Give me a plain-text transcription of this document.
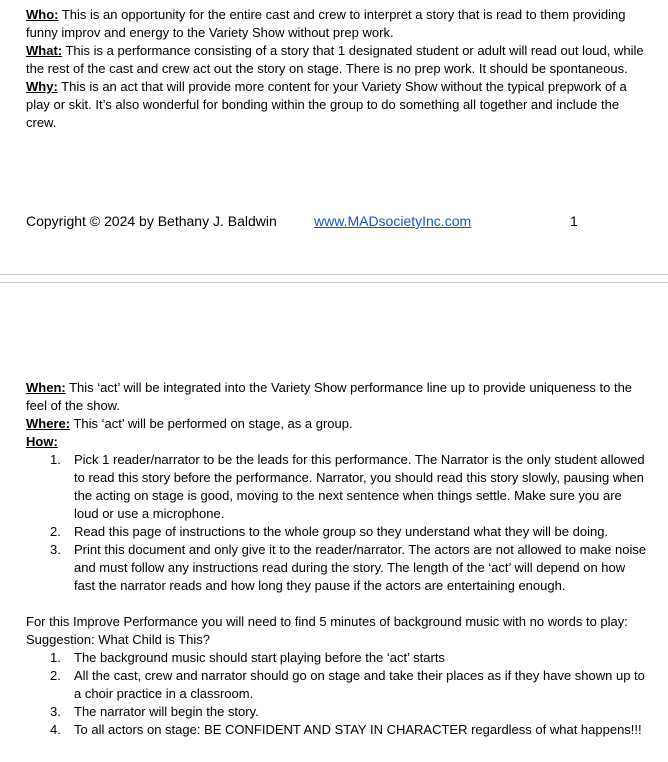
Who: This is an opportunity for the entire cast and crew to interpret a story that is read to them providing funny improv and energy to the Variety Show without prep work.

What: This is a performance consisting of a story that 1 designated student or adult will read out loud, while the rest of the cast and crew act out the story on stage. There is no prep work. It should be spontaneous.

Why: This is an act that will provide more content for your Variety Show without the typical prepwork of a play or skit. It’s also wonderful for bonding within the group to do something all together and include the crew.

Copyright © 2024 by Bethany J. Baldwin	www.MADsocietyInc.com	1

When: This ‘act’ will be integrated into the Variety Show performance line up to provide uniqueness to the feel of the show.

Where: This ‘act’ will be performed on stage, as a group.

How:

1. Pick 1 reader/narrator to be the leads for this performance. The Narrator is the only student allowed to read this story before the performance. Narrator, you should read this story slowly, pausing when the acting on stage is good, moving to the next sentence when things settle. Make sure you are loud or use a microphone.
2. Read this page of instructions to the whole group so they understand what they will be doing.
3. Print this document and only give it to the reader/narrator. The actors are not allowed to make noise and must follow any instructions read during the story. The length of the ‘act’ will depend on how fast the narrator reads and how long they pause if the actors are entertaining enough.

For this Improve Performance you will need to find 5 minutes of background music with no words to play:

Suggestion: What Child is This?

1. The background music should start playing before the ‘act’ starts
2. All the cast, crew and narrator should go on stage and take their places as if they have shown up to a choir practice in a classroom.
3. The narrator will begin the story.
4. To all actors on stage: BE CONFIDENT AND STAY IN CHARACTER regardless of what happens!!!
